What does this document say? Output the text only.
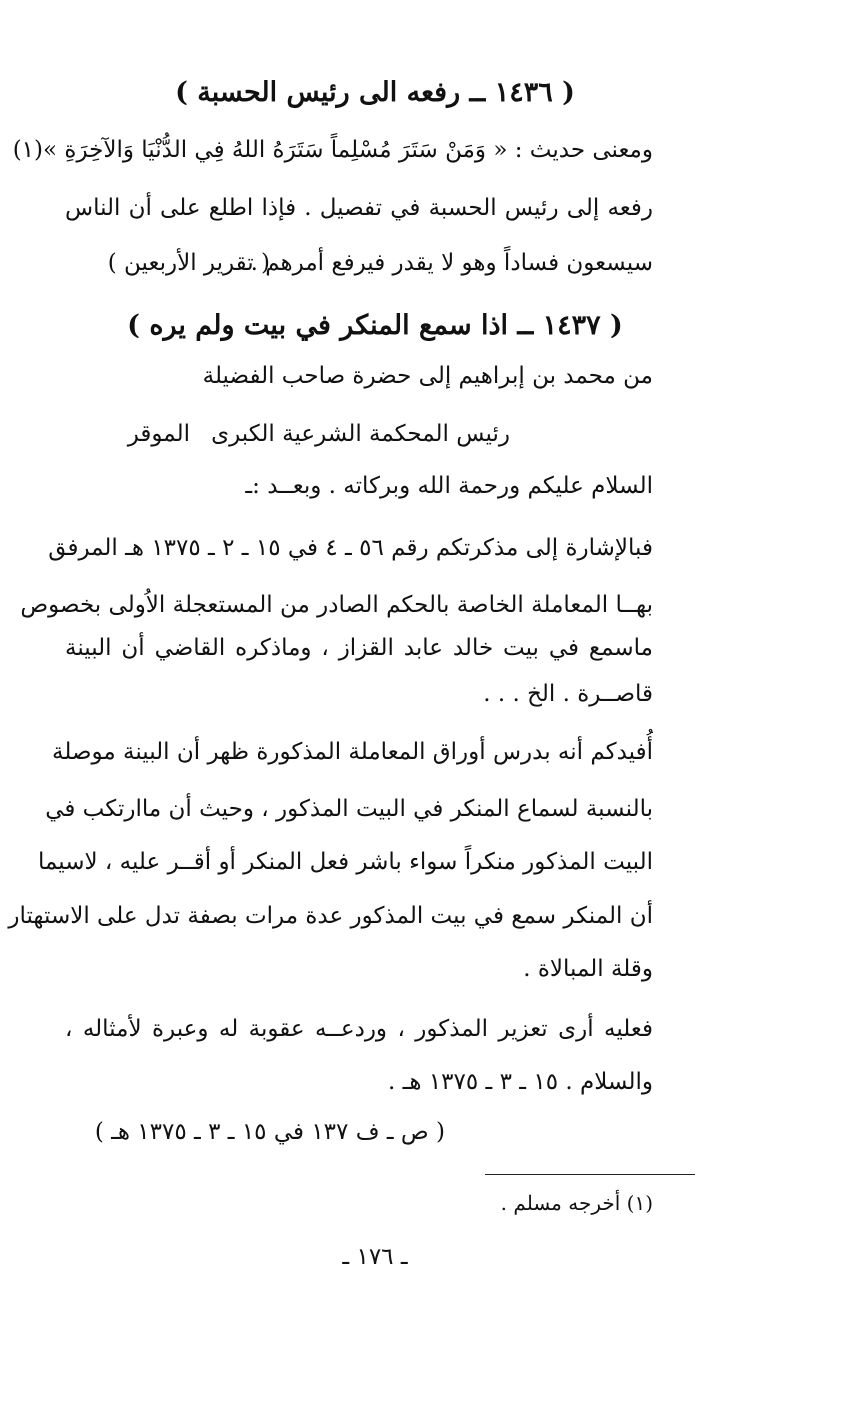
( ١٤٣٦ ــ رفعه الى رئيس الحسبة )
ومعنى حديث : « وَمَنْ سَتَرَ مُسْلِماً سَتَرَهُ اللهُ فِي الدُّنْيَا وَالآخِرَةِ »(١)
رفعه إلى رئيس الحسبة في تفصيل . فإذا اطلع على أن الناس
سيسعون فساداً وهو لا يقدر فيرفع أمرهم .
( تقرير الأربعين )
( ١٤٣٧ ــ اذا سمع المنكر في بيت ولم يره )
من محمد بن إبراهيم إلى حضرة صاحب الفضيلة
رئيس المحكمة الشرعية الكبرى
الموقر
السلام عليكم ورحمة الله وبركاته . وبعــد :ـ
فبالإشارة إلى مذكرتكم رقم ٥٦ ـ ٤ في ١٥ ـ ٢ ـ ١٣٧٥ هـ المرفق
بهــا المعاملة الخاصة بالحكم الصادر من المستعجلة الاُولى بخصوص
ماسمع في بيت خالد عابد القزاز ، وماذكره القاضي أن البينة
قاصــرة . الخ . . .
أُفيدكم أنه بدرس أوراق المعاملة المذكورة ظهر أن البينة موصلة
بالنسبة لسماع المنكر في البيت المذكور ، وحيث أن ماارتكب في
البيت المذكور منكراً سواء باشر فعل المنكر أو أقــر عليه ، لاسيما
أن المنكر سمع في بيت المذكور عدة مرات بصفة تدل على الاستهتار
وقلة المبالاة .
فعليه أرى تعزير المذكور ، وردعــه عقوبة له وعبرة لأمثاله ،
والسلام . ١٥ ـ ٣ ـ ١٣٧٥ هـ .
( ص ـ ف ١٣٧ في ١٥ ـ ٣ ـ ١٣٧٥ هـ )
(١) أخرجه مسلم .
ـ ١٧٦ ـ
